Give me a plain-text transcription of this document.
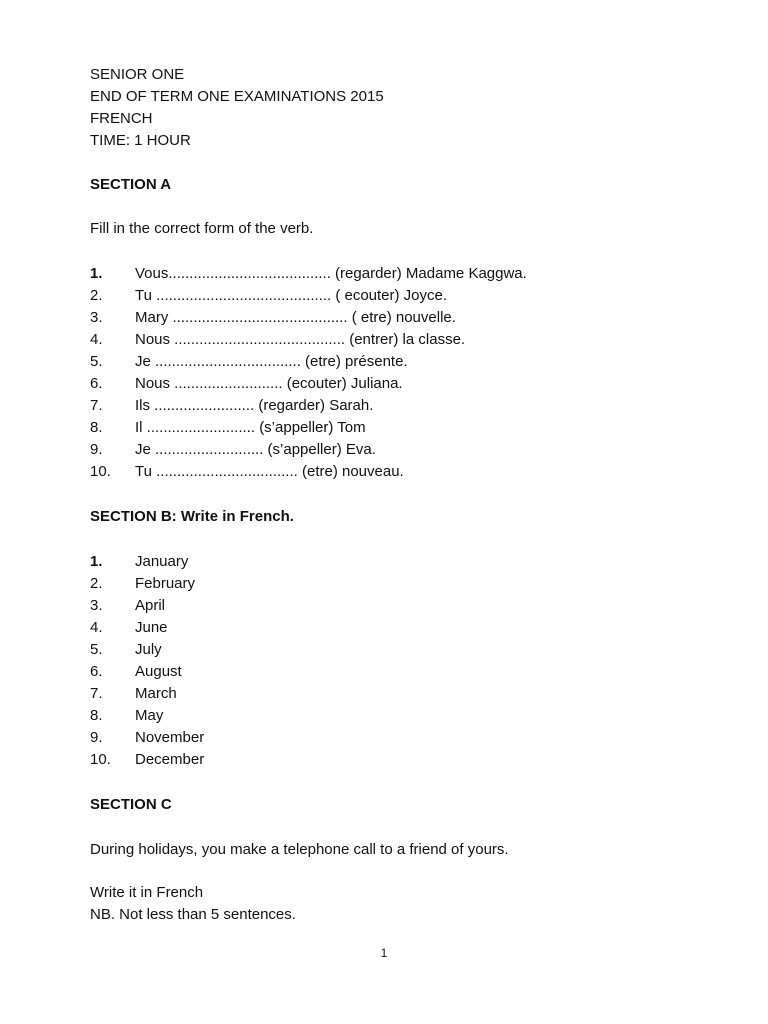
SENIOR ONE

END OF TERM ONE EXAMINATIONS 2015

FRENCH

TIME: 1 HOUR

SECTION A

Fill in the correct form of the verb.

1.	Vous....................................... (regarder) Madame Kaggwa.
2.	Tu .......................................... ( ecouter) Joyce.
3.	Mary .......................................... ( etre) nouvelle.
4.	Nous ......................................... (entrer) la classe.
5.	Je ................................... (etre) présente.
6.	Nous .......................... (ecouter) Juliana.
7.	Ils ........................ (regarder) Sarah.
8.	Il .......................... (s’appeller) Tom
9.	Je .......................... (s’appeller) Eva.
10.	Tu .................................. (etre) nouveau.

SECTION B: Write in French.

1.	January
2.	February
3.	April
4.	June
5.	July
6.	August
7.	March
8.	May
9.	November
10.	December

SECTION C

During holidays, you make a telephone call to a friend of yours.

Write it in French

NB. Not less than 5 sentences.

1
